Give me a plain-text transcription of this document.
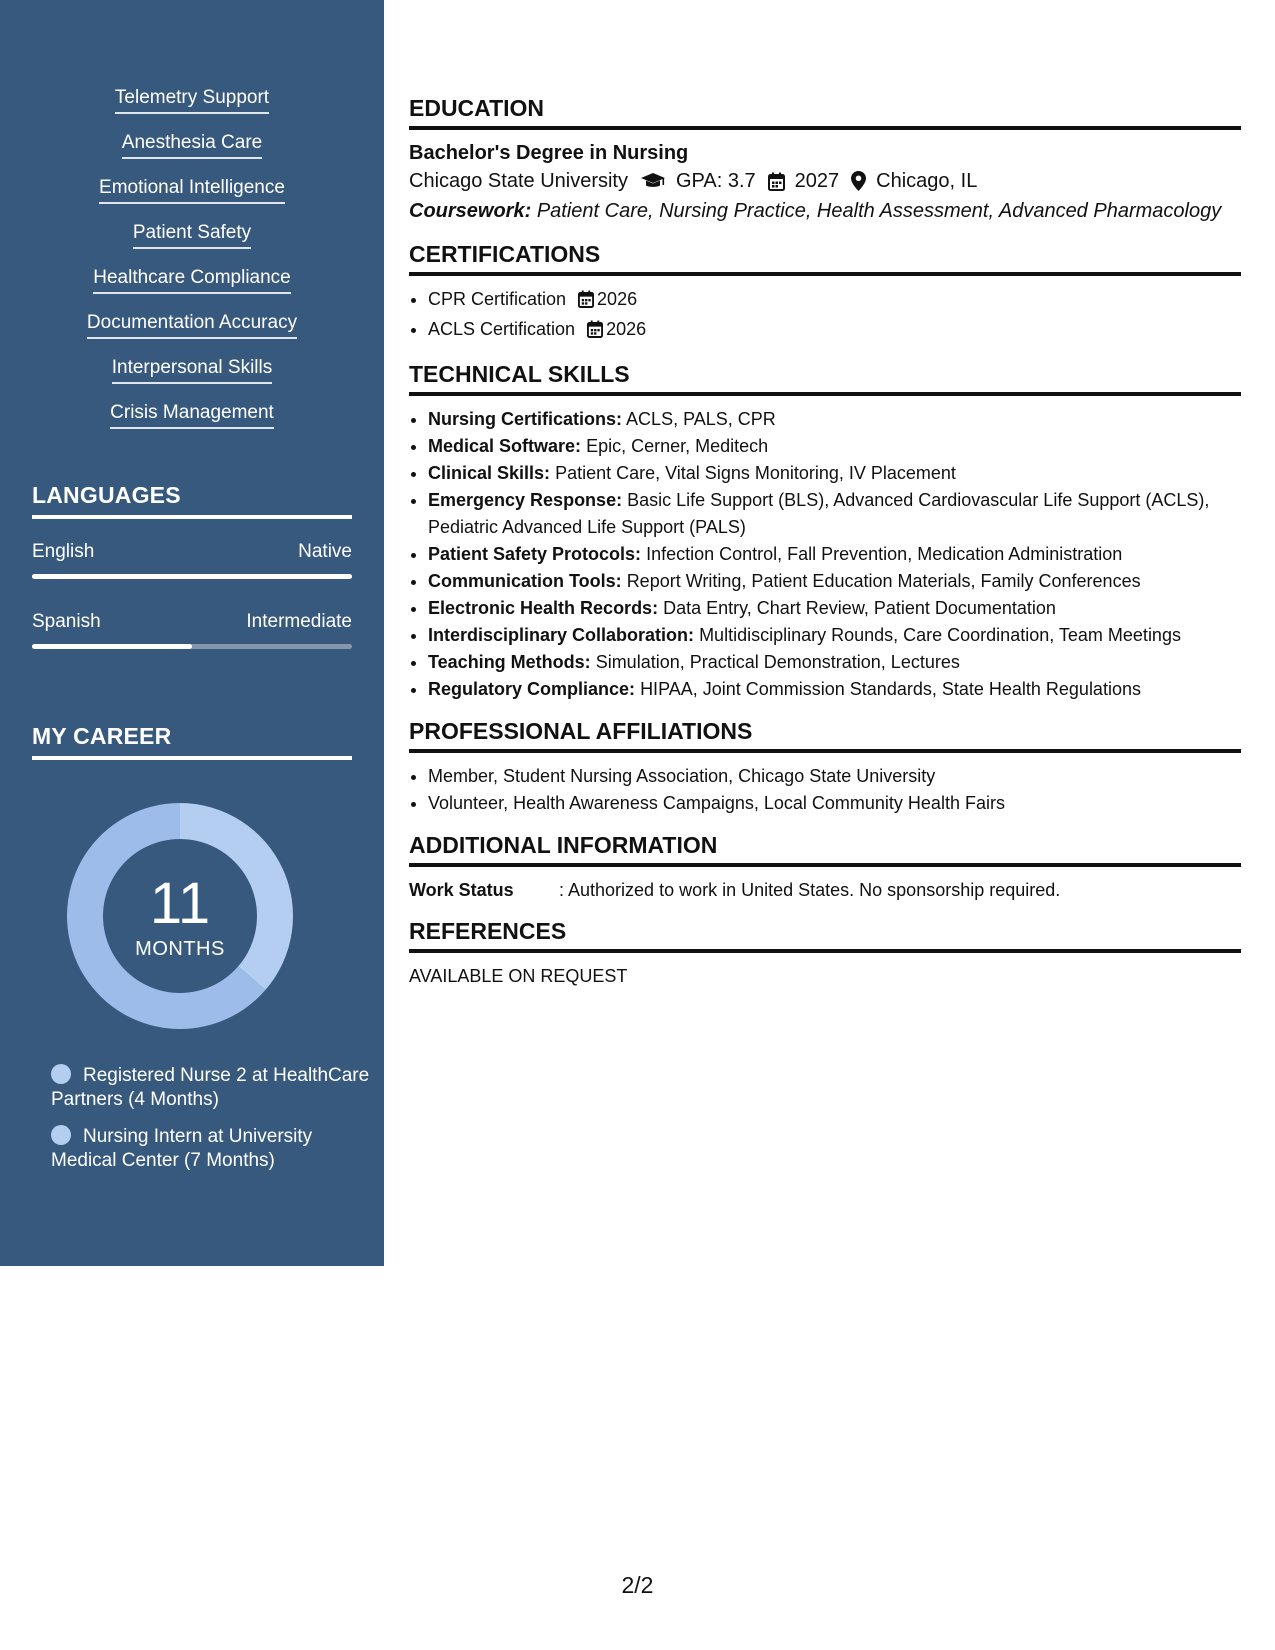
Telemetry Support
Anesthesia Care
Emotional Intelligence
Patient Safety
Healthcare Compliance
Documentation Accuracy
Interpersonal Skills
Crisis Management
LANGUAGES
English	Native
Spanish	Intermediate
MY CAREER
11
MONTHS
Registered Nurse 2 at HealthCare Partners (4 Months)
Nursing Intern at University Medical Center (7 Months)
EDUCATION
Bachelor's Degree in Nursing
Chicago State University GPA: 3.7 2027 Chicago, IL
Coursework: Patient Care, Nursing Practice, Health Assessment, Advanced Pharmacology
CERTIFICATIONS
• CPR Certification 2026
• ACLS Certification 2026
TECHNICAL SKILLS
• Nursing Certifications: ACLS, PALS, CPR
• Medical Software: Epic, Cerner, Meditech
• Clinical Skills: Patient Care, Vital Signs Monitoring, IV Placement
• Emergency Response: Basic Life Support (BLS), Advanced Cardiovascular Life Support (ACLS), Pediatric Advanced Life Support (PALS)
• Patient Safety Protocols: Infection Control, Fall Prevention, Medication Administration
• Communication Tools: Report Writing, Patient Education Materials, Family Conferences
• Electronic Health Records: Data Entry, Chart Review, Patient Documentation
• Interdisciplinary Collaboration: Multidisciplinary Rounds, Care Coordination, Team Meetings
• Teaching Methods: Simulation, Practical Demonstration, Lectures
• Regulatory Compliance: HIPAA, Joint Commission Standards, State Health Regulations
PROFESSIONAL AFFILIATIONS
• Member, Student Nursing Association, Chicago State University
• Volunteer, Health Awareness Campaigns, Local Community Health Fairs
ADDITIONAL INFORMATION
Work Status	: Authorized to work in United States. No sponsorship required.
REFERENCES
AVAILABLE ON REQUEST
2/2
